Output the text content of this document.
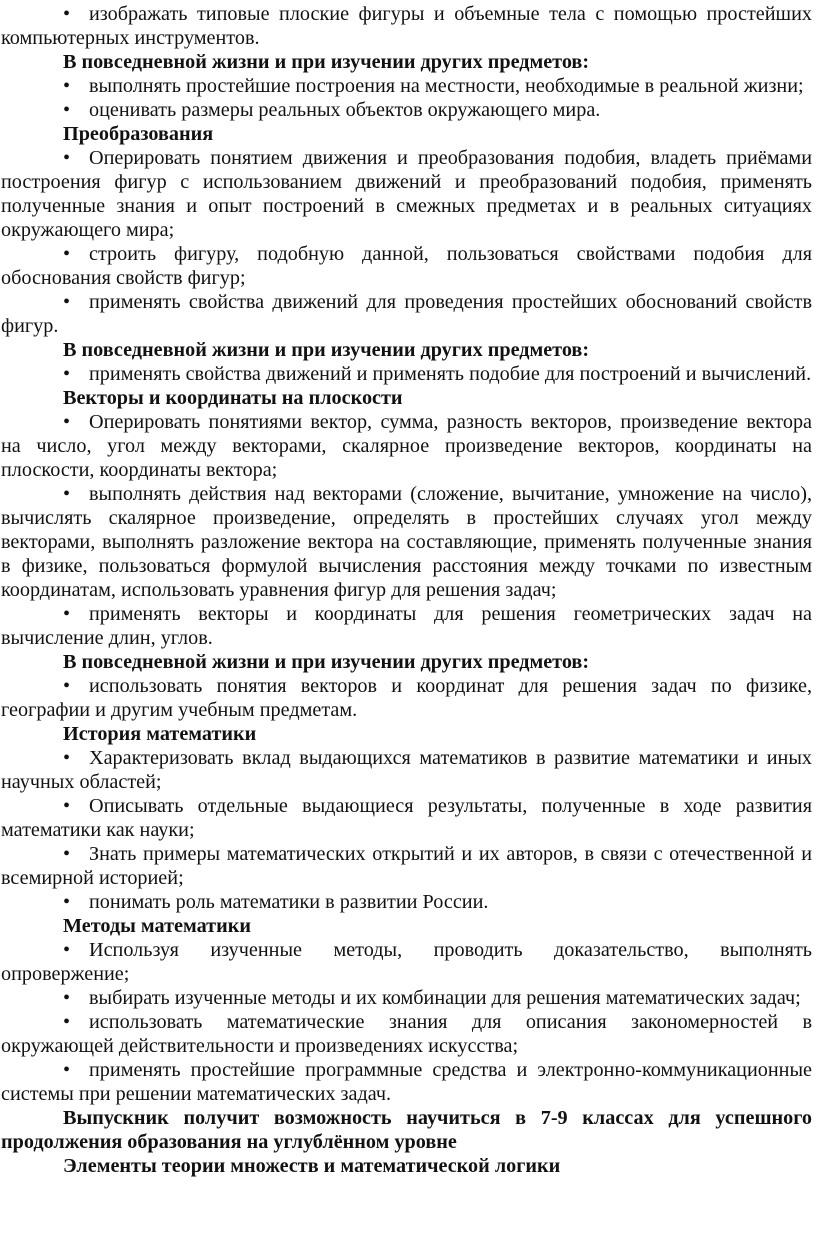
• изображать типовые плоские фигуры и объемные тела с помощью простейших компьютерных инструментов.

В повседневной жизни и при изучении других предметов:

• выполнять простейшие построения на местности, необходимые в реальной жизни;

• оценивать размеры реальных объектов окружающего мира.

Преобразования

• Оперировать понятием движения и преобразования подобия, владеть приёмами построения фигур с использованием движений и преобразований подобия, применять полученные знания и опыт построений в смежных предметах и в реальных ситуациях окружающего мира;

• строить фигуру, подобную данной, пользоваться свойствами подобия для обоснования свойств фигур;

• применять свойства движений для проведения простейших обоснований свойств фигур.

В повседневной жизни и при изучении других предметов:

• применять свойства движений и применять подобие для построений и вычислений.

Векторы и координаты на плоскости

• Оперировать понятиями вектор, сумма, разность векторов, произведение вектора на число, угол между векторами, скалярное произведение векторов, координаты на плоскости, координаты вектора;

• выполнять действия над векторами (сложение, вычитание, умножение на число), вычислять скалярное произведение, определять в простейших случаях угол между векторами, выполнять разложение вектора на составляющие, применять полученные знания в физике, пользоваться формулой вычисления расстояния между точками по известным координатам, использовать уравнения фигур для решения задач;

• применять векторы и координаты для решения геометрических задач на вычисление длин, углов.

В повседневной жизни и при изучении других предметов:

• использовать понятия векторов и координат для решения задач по физике, географии и другим учебным предметам.

История математики

• Характеризовать вклад выдающихся математиков в развитие математики и иных научных областей;

• Описывать отдельные выдающиеся результаты, полученные в ходе развития математики как науки;

• Знать примеры математических открытий и их авторов, в связи с отечественной и всемирной историей;

• понимать роль математики в развитии России.

Методы математики

• Используя изученные методы, проводить доказательство, выполнять опровержение;

• выбирать изученные методы и их комбинации для решения математических задач;

• использовать математические знания для описания закономерностей в окружающей действительности и произведениях искусства;

• применять простейшие программные средства и электронно-коммуникационные системы при решении математических задач.

Выпускник получит возможность научиться в 7-9 классах для успешного продолжения образования на углублённом уровне

Элементы теории множеств и математической логики
